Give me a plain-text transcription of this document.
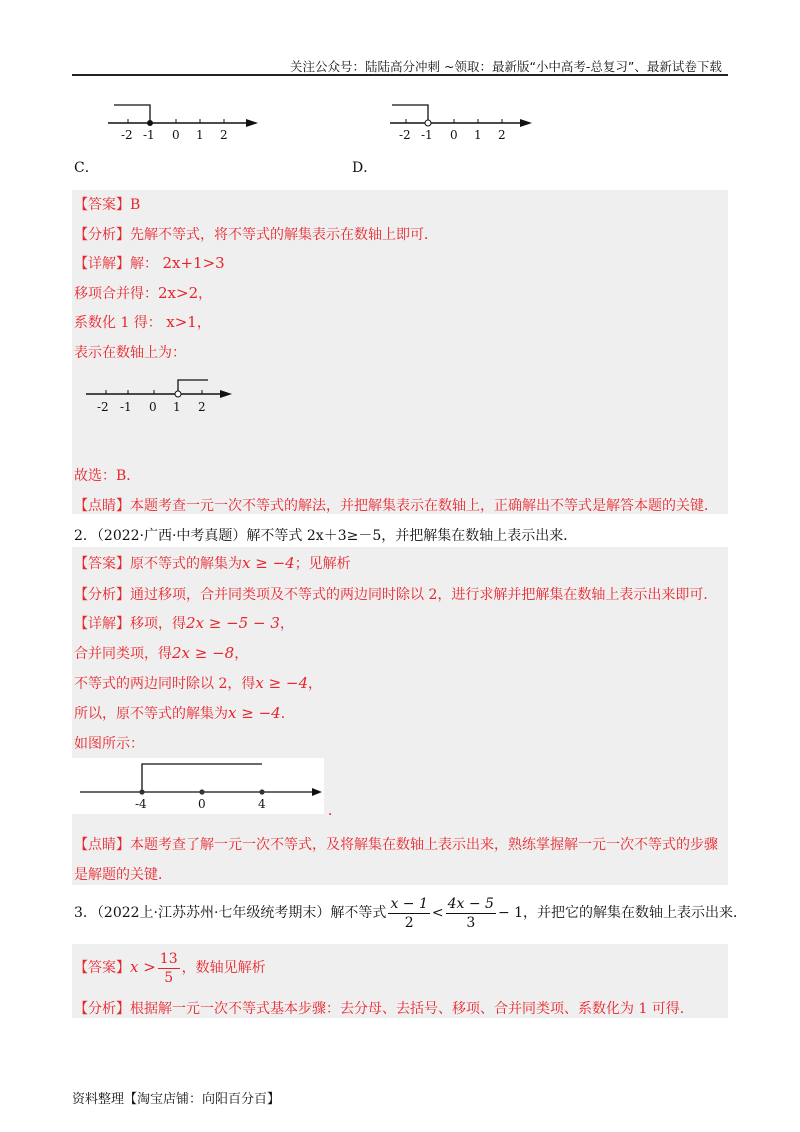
关注公众号：陆陆高分冲刺 ~领取：最新版“小中高考-总复习”、最新试卷下载
-2 -1 0 1 2
C．
-2 -1 0 1 2
D．
【答案】B
【分析】先解不等式，将不等式的解集表示在数轴上即可．
【详解】解： 2x+1>3
移项合并得：2x>2，
系数化 1 得： x>1，
表示在数轴上为：
-2 -1 0 1 2
故选：B．
【点睛】本题考查一元一次不等式的解法，并把解集表示在数轴上，正确解出不等式是解答本题的关键．
2．（2022·广西·中考真题）解不等式 2x＋3≥－5，并把解集在数轴上表示出来．
【答案】原不等式的解集为x ≥ −4；见解析
【分析】通过移项，合并同类项及不等式的两边同时除以 2，进行求解并把解集在数轴上表示出来即可．
【详解】移项，得2x ≥ −5 − 3，
合并同类项，得2x ≥ −8，
不等式的两边同时除以 2，得x ≥ −4，
所以，原不等式的解集为x ≥ −4．
如图所示：
-4	0	4	．
【点睛】本题考查了解一元一次不等式，及将解集在数轴上表示出来，熟练掌握解一元一次不等式的步骤
是解题的关键．
3．（2022上·江苏苏州·七年级统考期末）解不等式 $\frac{x - 1}{2} < \frac{4x - 5}{3} - 1$，并把它的解集在数轴上表示出来．
【答案】$x > \frac{13}{5}$ ，数轴见解析
【分析】根据解一元一次不等式基本步骤：去分母、去括号、移项、合并同类项、系数化为 1 可得．
资料整理【淘宝店铺：向阳百分百】
